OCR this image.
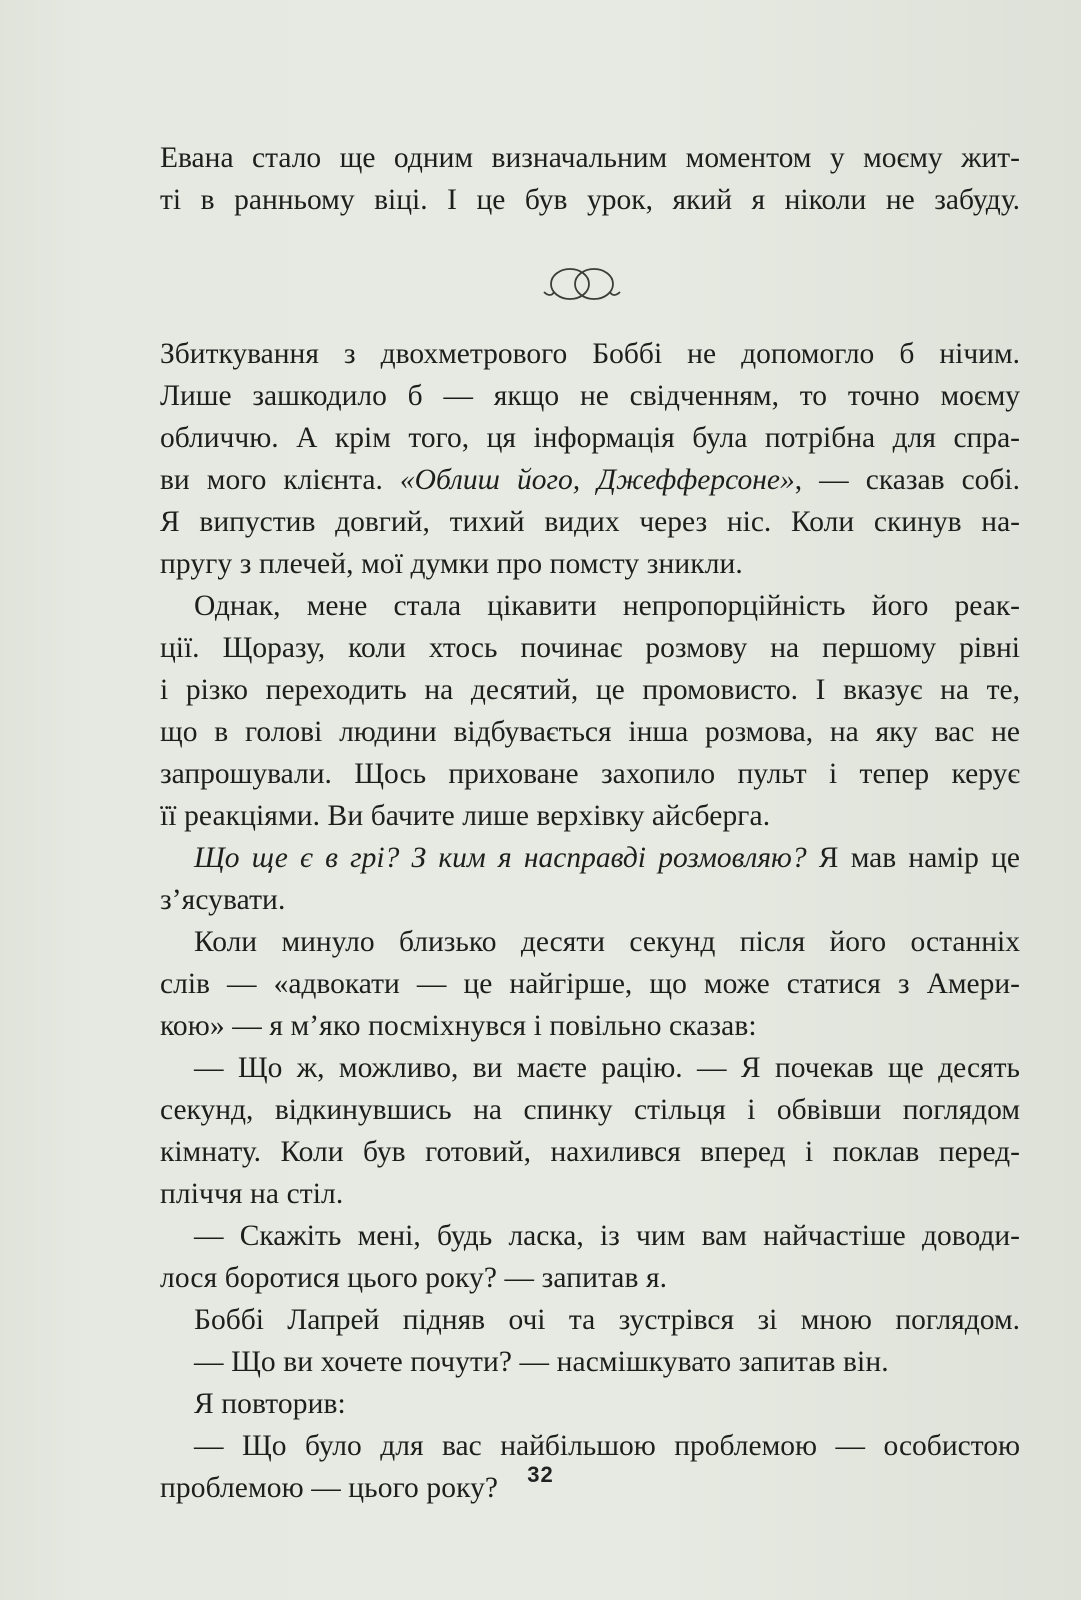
Евана стало ще одним визначальним моментом у моєму жит-
ті в ранньому віці. І це був урок, який я ніколи не забуду.
Збиткування з двохметрового Боббі не допомогло б нічим.
Лише зашкодило б — якщо не свідченням, то точно моєму
обличчю. А крім того, ця інформація була потрібна для спра-
ви мого клієнта. «Облиш його, Джефферсоне», — сказав собі.
Я випустив довгий, тихий видих через ніс. Коли скинув на-
пругу з плечей, мої думки про помсту зникли.
Однак, мене стала цікавити непропорційність його реак-
ції. Щоразу, коли хтось починає розмову на першому рівні
і різко переходить на десятий, це промовисто. І вказує на те,
що в голові людини відбувається інша розмова, на яку вас не
запрошували. Щось приховане захопило пульт і тепер керує
її реакціями. Ви бачите лише верхівку айсберга.
Що ще є в грі? З ким я насправді розмовляю? Я мав намір це
з’ясувати.
Коли минуло близько десяти секунд після його останніх
слів — «адвокати — це найгірше, що може статися з Амери-
кою» — я м’яко посміхнувся і повільно сказав:
— Що ж, можливо, ви маєте рацію. — Я почекав ще десять
секунд, відкинувшись на спинку стільця і обвівши поглядом
кімнату. Коли був готовий, нахилився вперед і поклав перед-
пліччя на стіл.
— Скажіть мені, будь ласка, із чим вам найчастіше доводи-
лося боротися цього року? — запитав я.
Боббі Лапрей підняв очі та зустрівся зі мною поглядом.
— Що ви хочете почути? — насмішкувато запитав він.
Я повторив:
— Що було для вас найбільшою проблемою — особистою
проблемою — цього року?	32
